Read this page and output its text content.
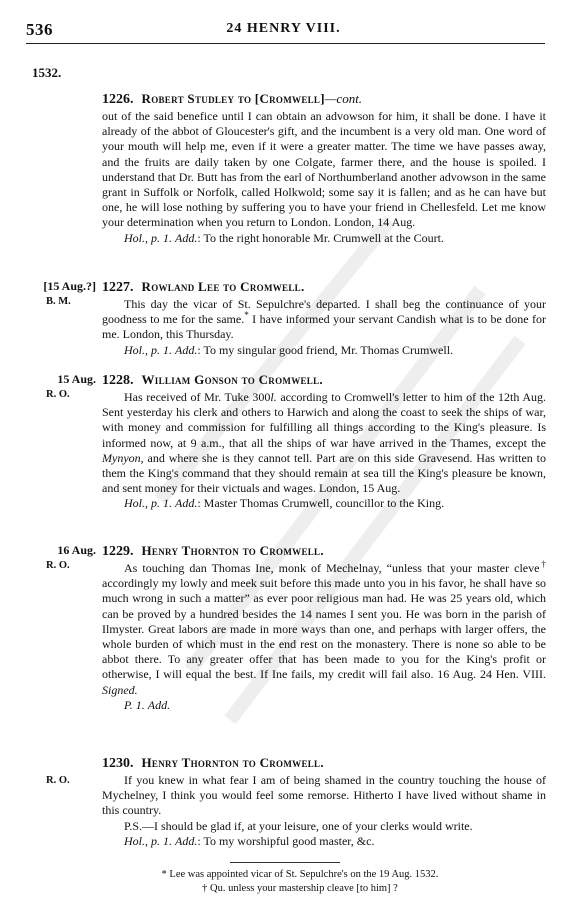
536	24 HENRY VIII.
1532.
1226. Robert Studley to [Cromwell]—cont.

out of the said benefice until I can obtain an advowson for him, it shall be done. I have it already of the abbot of Gloucester's gift, and the incumbent is a very old man. One word of your mouth will help me, even if it were a greater matter. The time we have passes away, and the fruits are daily taken by one Colgate, farmer there, and the house is spoiled. I understand that Dr. Butt has from the earl of Northumberland another advowson in the same grant in Suffolk or Norfolk, called Holkwold; some say it is fallen; and as he can have but one, he will lose nothing by suffering you to have your friend in Chellesfeld. Let me know your determination when you return to London. London, 14 Aug.

Hol., p. 1. Add.: To the right honorable Mr. Crumwell at the Court.

[15 Aug.?]
B. M.
1227. Rowland Lee to Cromwell.

This day the vicar of St. Sepulchre's departed. I shall beg the continuance of your goodness to me for the same.* I have informed your servant Candish what is to be done for me. London, this Thursday.

Hol., p. 1. Add.: To my singular good friend, Mr. Thomas Crumwell.

15 Aug.
R. O.
1228. William Gonson to Cromwell.

Has received of Mr. Tuke 300l. according to Cromwell's letter to him of the 12th Aug. Sent yesterday his clerk and others to Harwich and along the coast to seek the ships of war, with money and commission for fulfilling all things according to the King's pleasure. Is informed now, at 9 a.m., that all the ships of war have arrived in the Thames, except the Mynyon, and where she is they cannot tell. Part are on this side Gravesend. Has written to them the King's command that they should remain at sea till the King's pleasure be known, and sent money for their victuals and wages. London, 15 Aug.

Hol., p. 1. Add.: Master Thomas Crumwell, councillor to the King.

16 Aug.
R. O.
1229. Henry Thornton to Cromwell.

As touching dan Thomas Ine, monk of Mechelnay, “unless that your master cleve† accordingly my lowly and meek suit before this made unto you in his favor, he shall have so much wrong in such a matter” as ever poor religious man had. He was 25 years old, which can be proved by a hundred besides the 14 names I sent you. He was born in the parish of Ilmyster. Great labors are made in more ways than one, and perhaps with larger offers, the whole burden of which must in the end rest on the monastery. There is none so able to be abbot there. To any greater offer that has been made to you for the King's profit or otherwise, I will equal the best. If Ine fails, my credit will fail also. 16 Aug. 24 Hen. VIII. Signed.

P. 1. Add.

R. O.
1230. Henry Thornton to Cromwell.

If you knew in what fear I am of being shamed in the country touching the house of Mychelney, I think you would feel some remorse. Hitherto I have lived without shame in this country.

P.S.—I should be glad if, at your leisure, one of your clerks would write.

Hol., p. 1. Add.: To my worshipful good master, &c.

* Lee was appointed vicar of St. Sepulchre's on the 19 Aug. 1532.
† Qu. unless your mastership cleave [to him] ?
